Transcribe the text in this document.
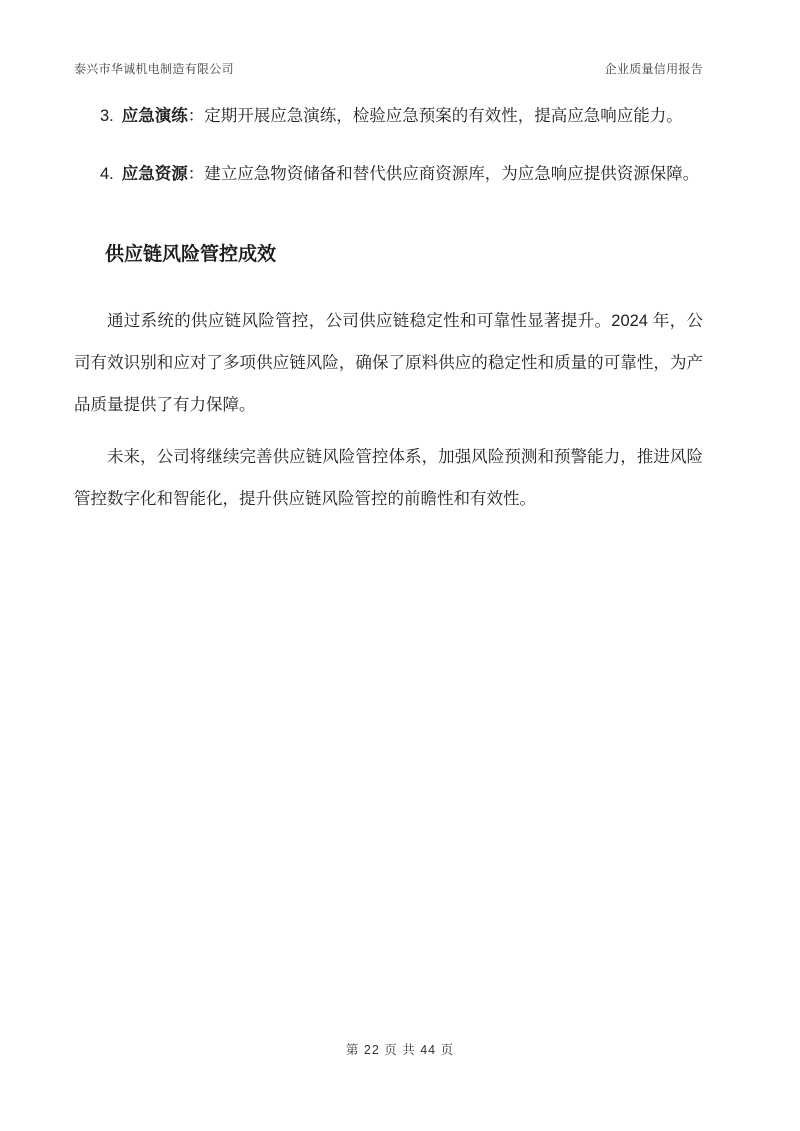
泰兴市华诚机电制造有限公司	企业质量信用报告
3. 应急演练：定期开展应急演练，检验应急预案的有效性，提高应急响应能力。
4. 应急资源：建立应急物资储备和替代供应商资源库，为应急响应提供资源保障。
供应链风险管控成效

通过系统的供应链风险管控，公司供应链稳定性和可靠性显著提升。2024 年，公司有效识别和应对了多项供应链风险，确保了原料供应的稳定性和质量的可靠性，为产品质量提供了有力保障。

未来，公司将继续完善供应链风险管控体系，加强风险预测和预警能力，推进风险管控数字化和智能化，提升供应链风险管控的前瞻性和有效性。

第 22 页 共 44 页
